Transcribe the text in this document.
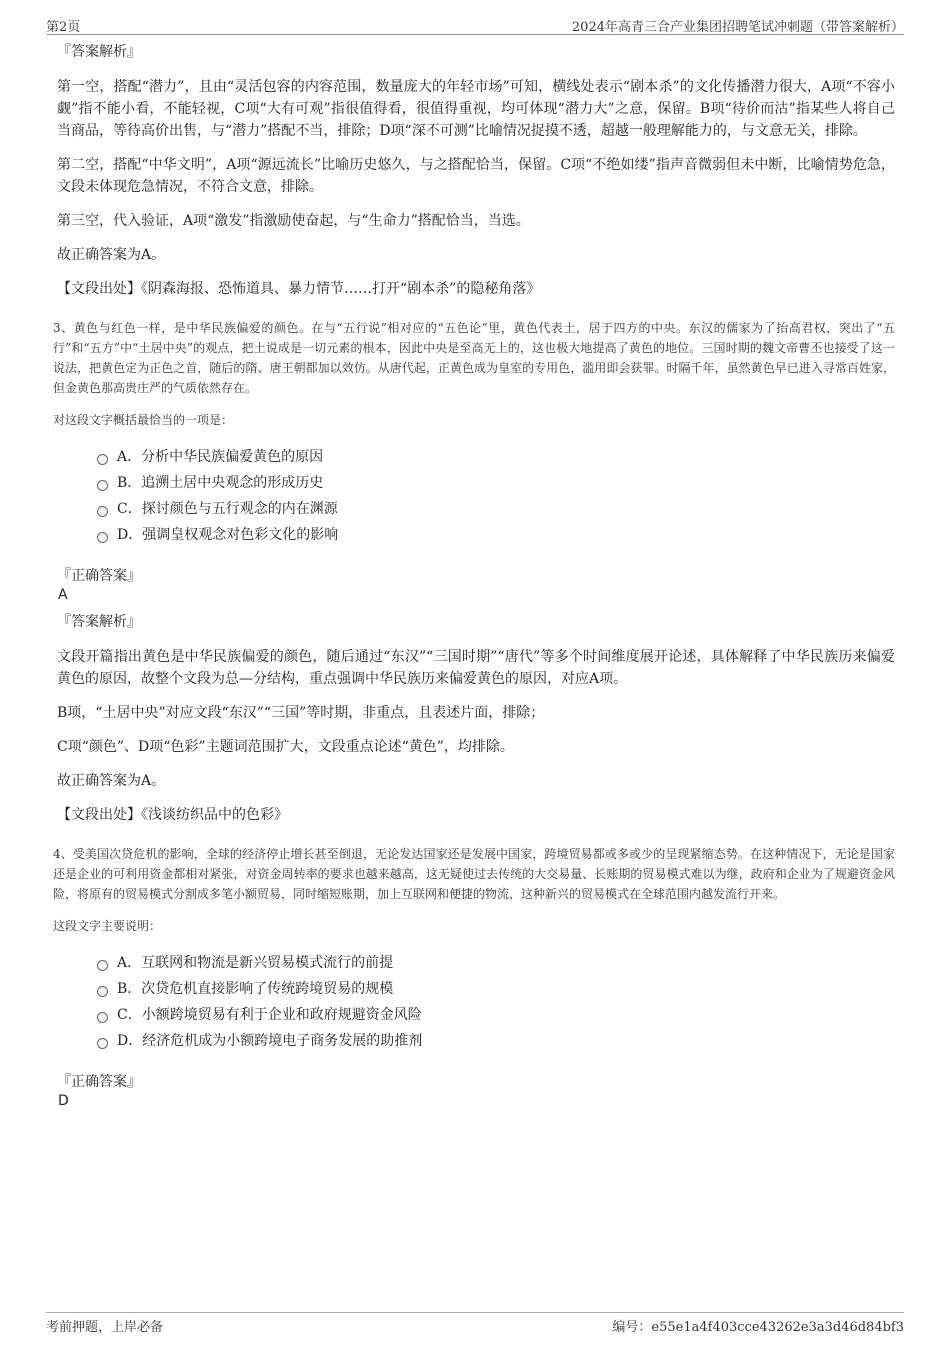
第2页	2024年高青三合产业集团招聘笔试冲刺题（带答案解析）
『答案解析』

第一空，搭配“潜力”，且由“灵活包容的内容范围，数量庞大的年轻市场”可知，横线处表示“剧本杀”的文化传播潜力很大，A项“不容小觑”指不能小看，不能轻视，C项“大有可观”指很值得看，很值得重视，均可体现“潜力大”之意，保留。B项“待价而沽”指某些人将自己当商品，等待高价出售，与“潜力”搭配不当，排除；D项“深不可测”比喻情况捉摸不透，超越一般理解能力的，与文意无关，排除。

第二空，搭配“中华文明”，A项“源远流长”比喻历史悠久，与之搭配恰当，保留。C项“不绝如缕”指声音微弱但未中断，比喻情势危急，文段未体现危急情况，不符合文意，排除。

第三空，代入验证，A项“激发”指激励使奋起，与“生命力”搭配恰当，当选。

故正确答案为A。

【文段出处】《阴森海报、恐怖道具、暴力情节……打开“剧本杀”的隐秘角落》

3、黄色与红色一样，是中华民族偏爱的颜色。在与“五行说”相对应的“五色论”里，黄色代表土，居于四方的中央。东汉的儒家为了抬高君权，突出了“五行”和“五方”中“土居中央”的观点，把土说成是一切元素的根本，因此中央是至高无上的，这也极大地提高了黄色的地位。三国时期的魏文帝曹丕也接受了这一说法，把黄色定为正色之首，随后的隋、唐王朝都加以效仿。从唐代起，正黄色成为皇室的专用色，滥用即会获罪。时隔千年，虽然黄色早已进入寻常百姓家，但金黄色那高贵庄严的气质依然存在。

对这段文字概括最恰当的一项是：

A．分析中华民族偏爱黄色的原因
B．追溯土居中央观念的形成历史
C．探讨颜色与五行观念的内在渊源
D．强调皇权观念对色彩文化的影响
『正确答案』
A
『答案解析』

文段开篇指出黄色是中华民族偏爱的颜色，随后通过“东汉”“三国时期”“唐代”等多个时间维度展开论述，具体解释了中华民族历来偏爱黄色的原因，故整个文段为总—分结构，重点强调中华民族历来偏爱黄色的原因，对应A项。

B项，“土居中央”对应文段“东汉”“三国”等时期，非重点，且表述片面，排除；

C项“颜色”、D项“色彩”主题词范围扩大，文段重点论述“黄色”，均排除。

故正确答案为A。

【文段出处】《浅谈纺织品中的色彩》

4、受美国次贷危机的影响，全球的经济停止增长甚至倒退，无论发达国家还是发展中国家，跨境贸易都或多或少的呈现紧缩态势。在这种情况下，无论是国家还是企业的可利用资金都相对紧张，对资金周转率的要求也越来越高，这无疑使过去传统的大交易量、长账期的贸易模式难以为继，政府和企业为了规避资金风险，将原有的贸易模式分割成多笔小额贸易，同时缩短账期，加上互联网和便捷的物流，这种新兴的贸易模式在全球范围内越发流行开来。

这段文字主要说明：

A．互联网和物流是新兴贸易模式流行的前提
B．次贷危机直接影响了传统跨境贸易的规模
C．小额跨境贸易有利于企业和政府规避资金风险
D．经济危机成为小额跨境电子商务发展的助推剂
『正确答案』
D
考前押题，上岸必备	编号：e55e1a4f403cce43262e3a3d46d84bf3
